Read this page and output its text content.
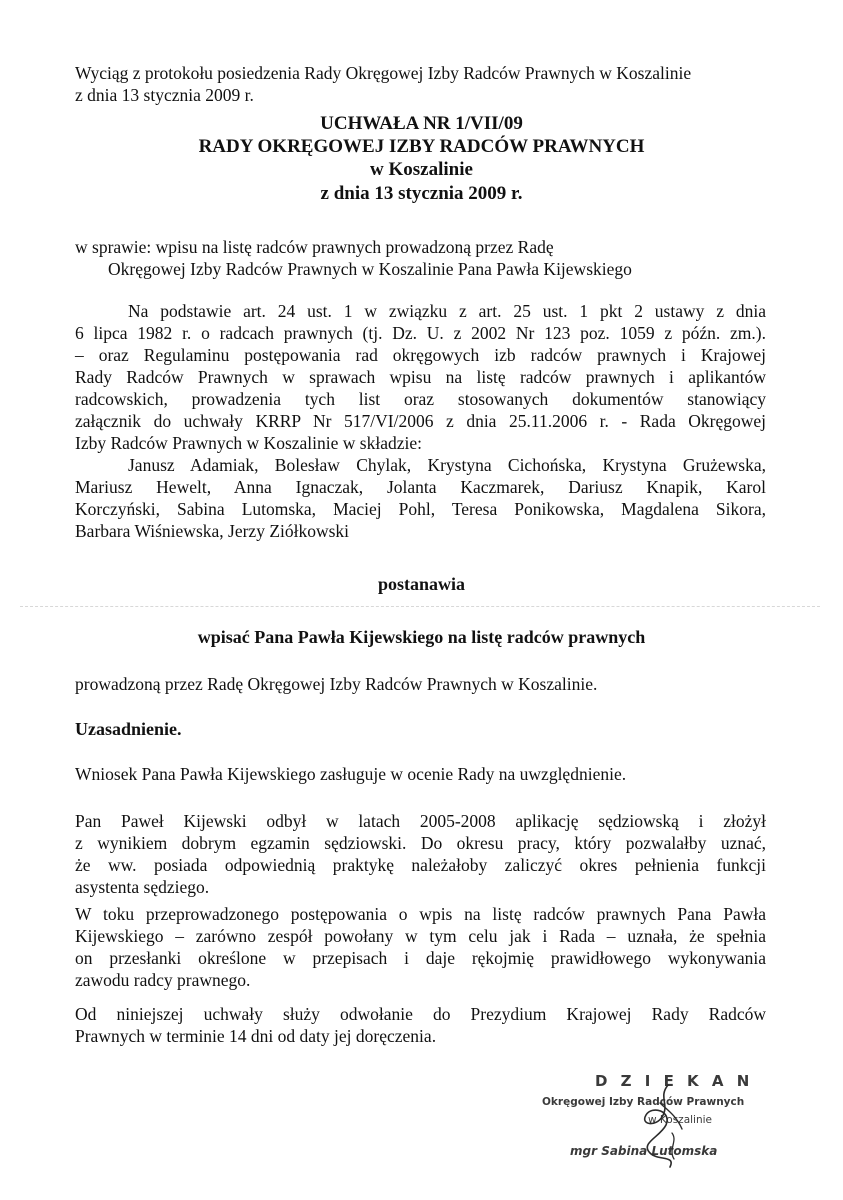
Wyciąg z protokołu posiedzenia Rady Okręgowej Izby Radców Prawnych w Koszalinie
z dnia 13 stycznia 2009 r.
UCHWAŁA NR 1/VII/09
RADY OKRĘGOWEJ IZBY RADCÓW PRAWNYCH
w Koszalinie
z dnia 13 stycznia 2009 r.
w sprawie: wpisu na listę radców prawnych prowadzoną przez Radę
Okręgowej Izby Radców Prawnych w Koszalinie Pana Pawła Kijewskiego
Na podstawie art. 24 ust. 1 w związku z art. 25 ust. 1 pkt 2 ustawy z dnia
6 lipca 1982 r. o radcach prawnych (tj. Dz. U. z 2002 Nr 123 poz. 1059 z późn. zm.).
– oraz Regulaminu postępowania rad okręgowych izb radców prawnych i Krajowej
Rady Radców Prawnych w sprawach wpisu na listę radców prawnych i aplikantów
radcowskich, prowadzenia tych list oraz stosowanych dokumentów stanowiący
załącznik do uchwały KRRP Nr 517/VI/2006 z dnia 25.11.2006 r. - Rada Okręgowej
Izby Radców Prawnych w Koszalinie w składzie:
Janusz Adamiak, Bolesław Chylak, Krystyna Cichońska, Krystyna Grużewska,
Mariusz Hewelt, Anna Ignaczak, Jolanta Kaczmarek, Dariusz Knapik, Karol
Korczyński, Sabina Lutomska, Maciej Pohl, Teresa Ponikowska, Magdalena Sikora,
Barbara Wiśniewska, Jerzy Ziółkowski
postanawia
wpisać Pana Pawła Kijewskiego na listę radców prawnych
prowadzoną przez Radę Okręgowej Izby Radców Prawnych w Koszalinie.
Uzasadnienie.
Wniosek Pana Pawła Kijewskiego zasługuje w ocenie Rady na uwzględnienie.
Pan Paweł Kijewski odbył w latach 2005-2008 aplikację sędziowską i złożył
z wynikiem dobrym egzamin sędziowski. Do okresu pracy, który pozwalałby uznać,
że ww. posiada odpowiednią praktykę należałoby zaliczyć okres pełnienia funkcji
asystenta sędziego.
W toku przeprowadzonego postępowania o wpis na listę radców prawnych Pana Pawła
Kijewskiego – zarówno zespół powołany w tym celu jak i Rada – uznała, że spełnia
on przesłanki określone w przepisach i daje rękojmię prawidłowego wykonywania
zawodu radcy prawnego.
Od niniejszej uchwały służy odwołanie do Prezydium Krajowej Rady Radców
Prawnych w terminie 14 dni od daty jej doręczenia.
D Z I E K A N
Okręgowej Izby Radców Prawnych
w Koszalinie
mgr Sabina Lutomska
